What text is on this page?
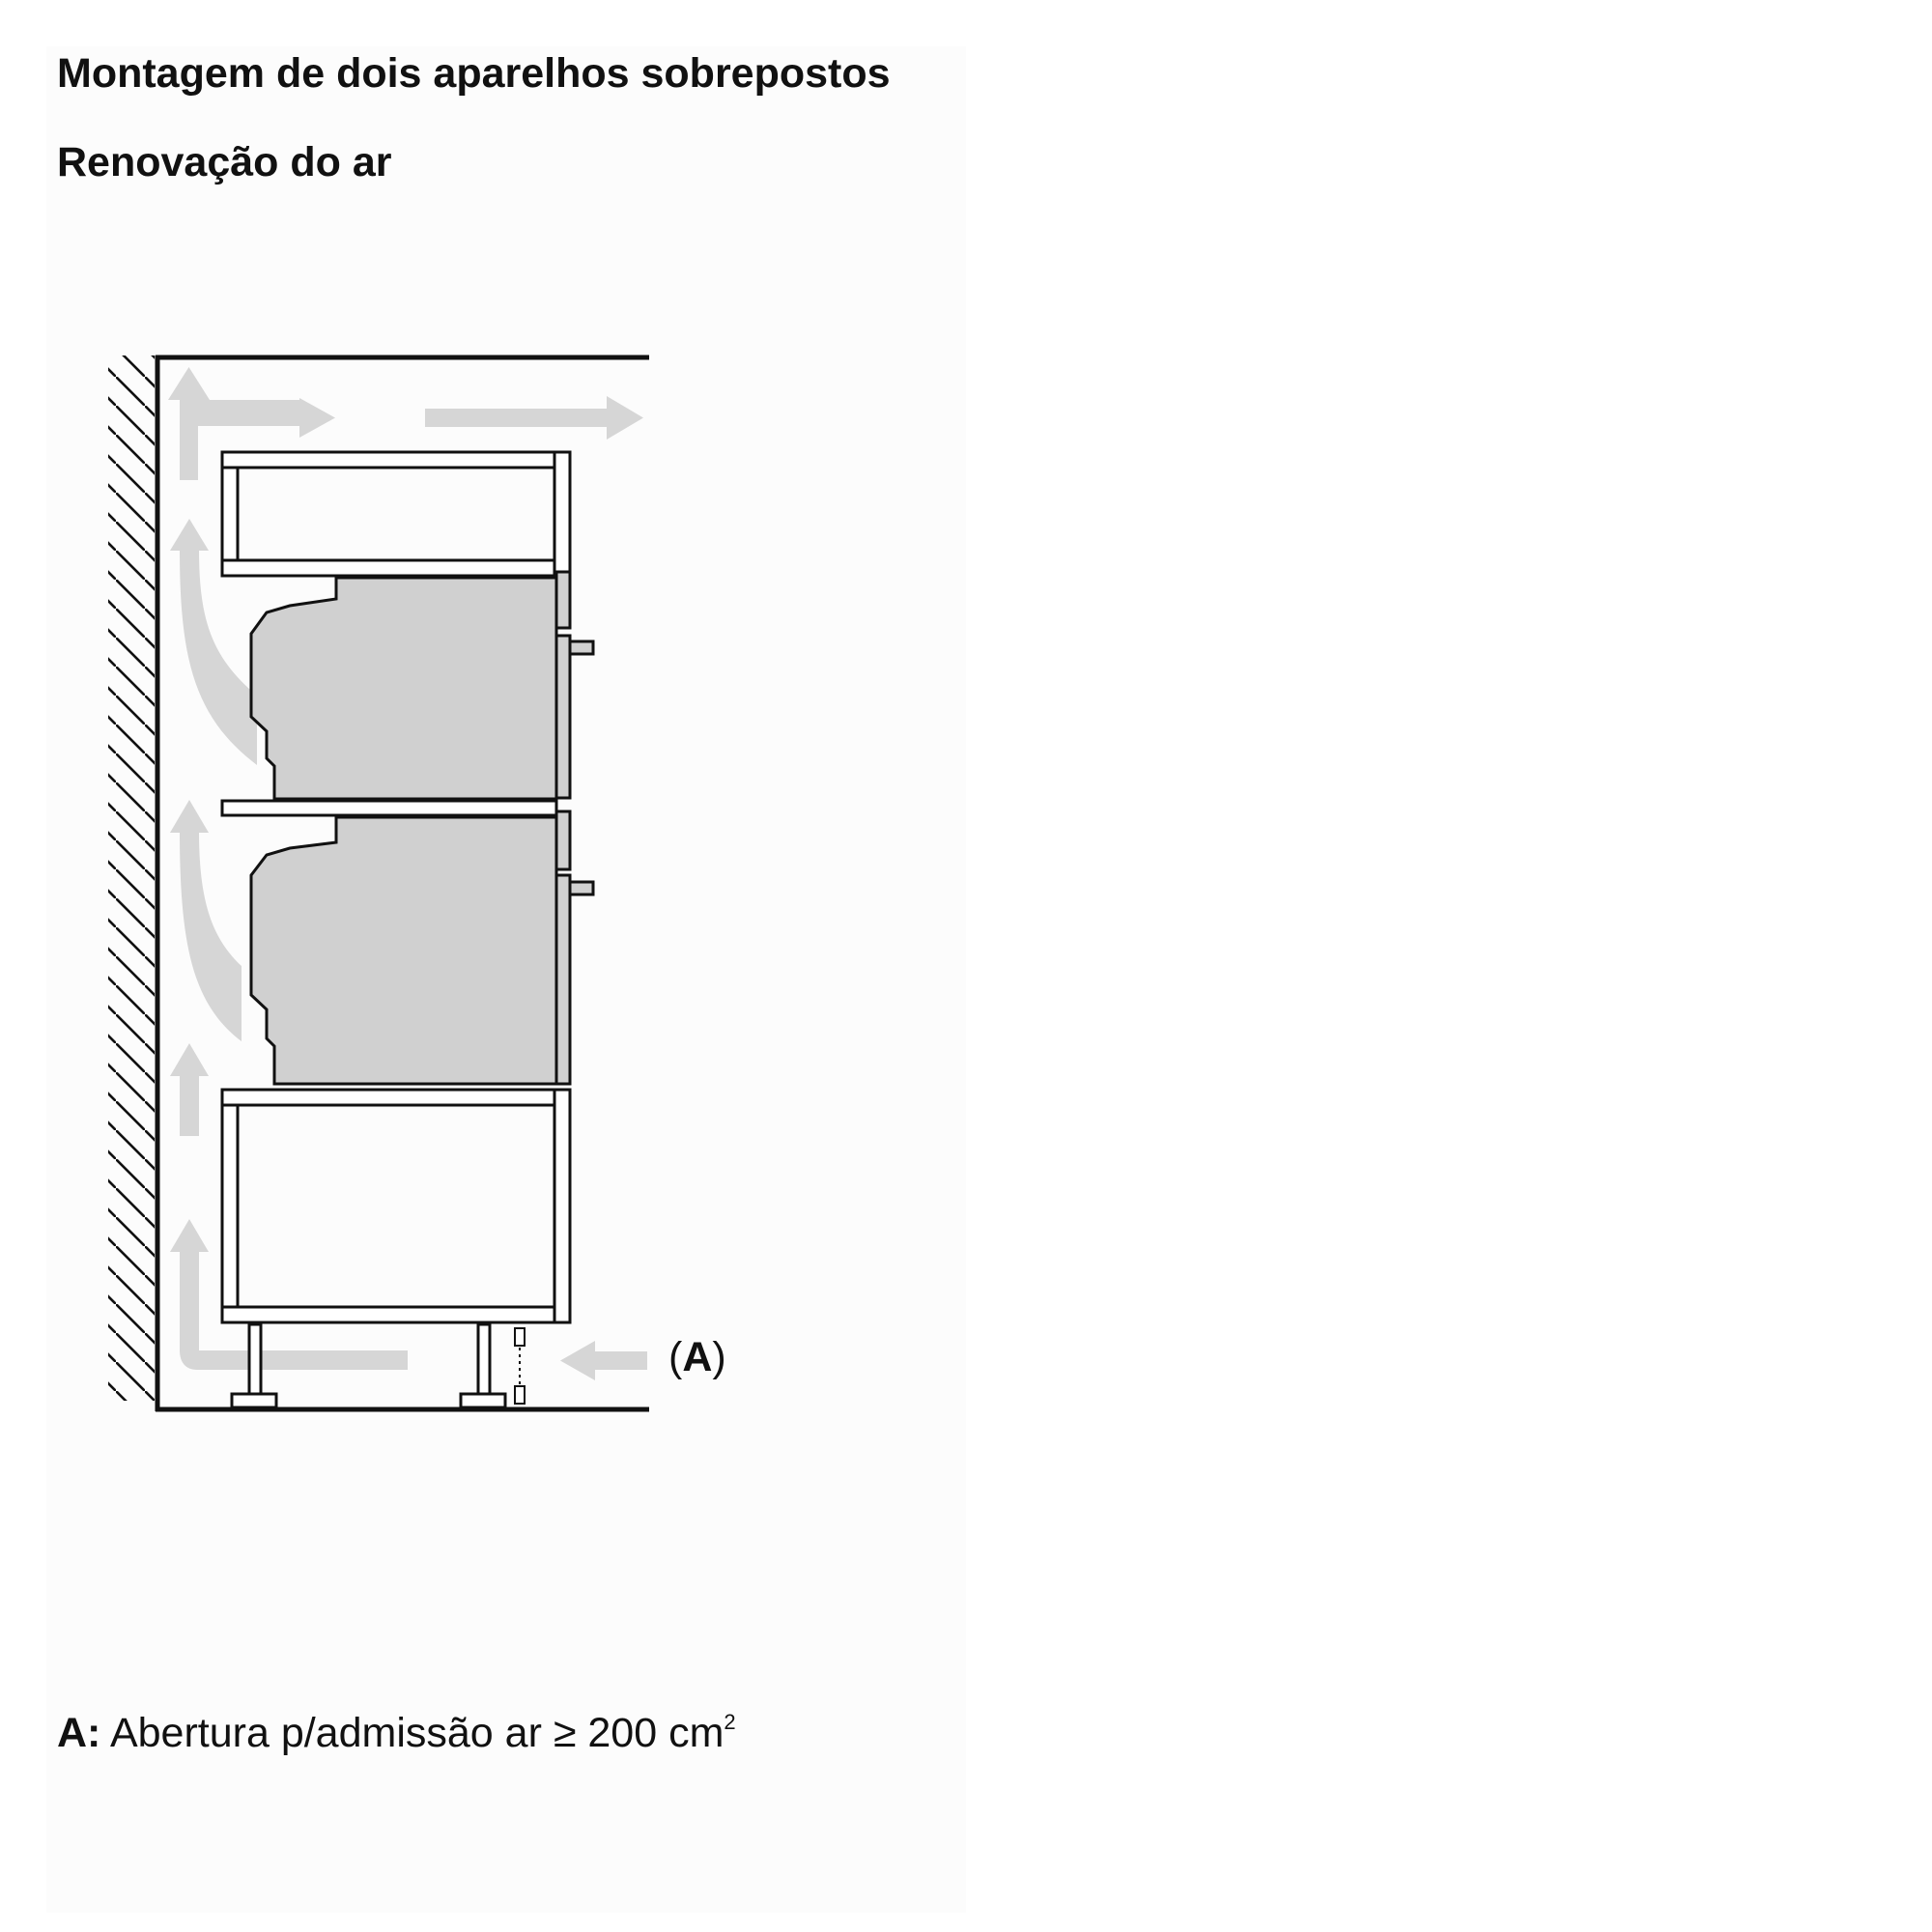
Montagem de dois aparelhos sobrepostos
Renovação do ar
(A)
A: Abertura p/admissão ar ≥ 200 $cm^2$
